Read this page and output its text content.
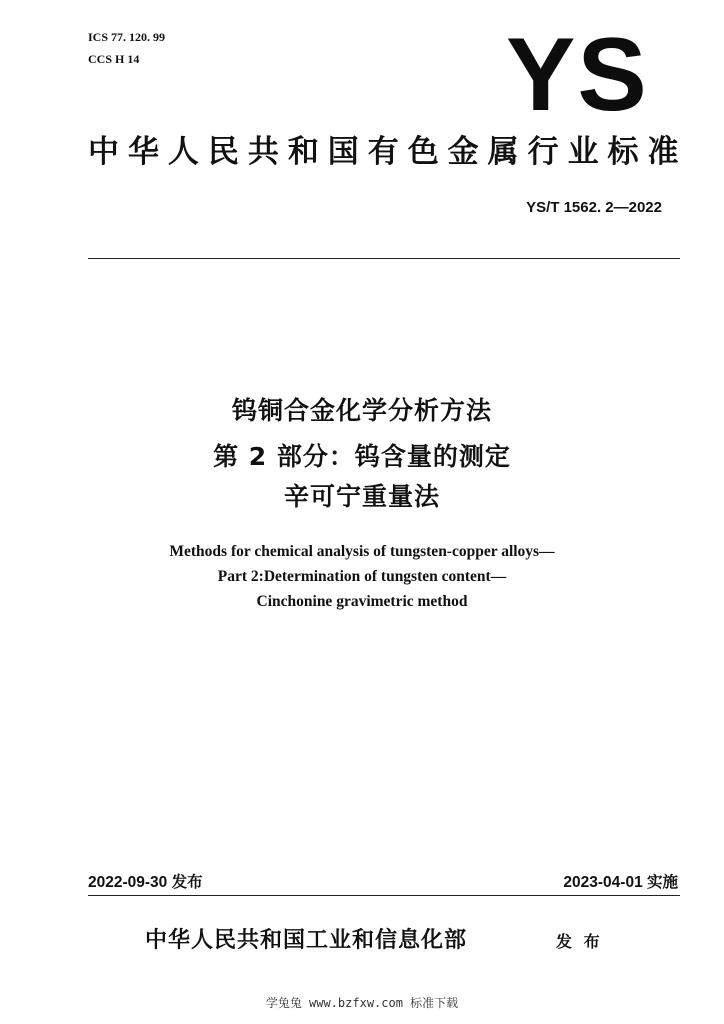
ICS 77. 120. 99
CCS H 14	YS
中华人民共和国有色金属行业标准
YS/T 1562. 2—2022
钨铜合金化学分析方法
第 2 部分：钨含量的测定
辛可宁重量法
Methods for chemical analysis of tungsten-copper alloys—
Part 2:Determination of tungsten content—
Cinchonine gravimetric method
2022-09-30 发布	2023-04-01 实施
中华人民共和国工业和信息化部	发 布
学兔兔 www.bzfxw.com 标准下载
